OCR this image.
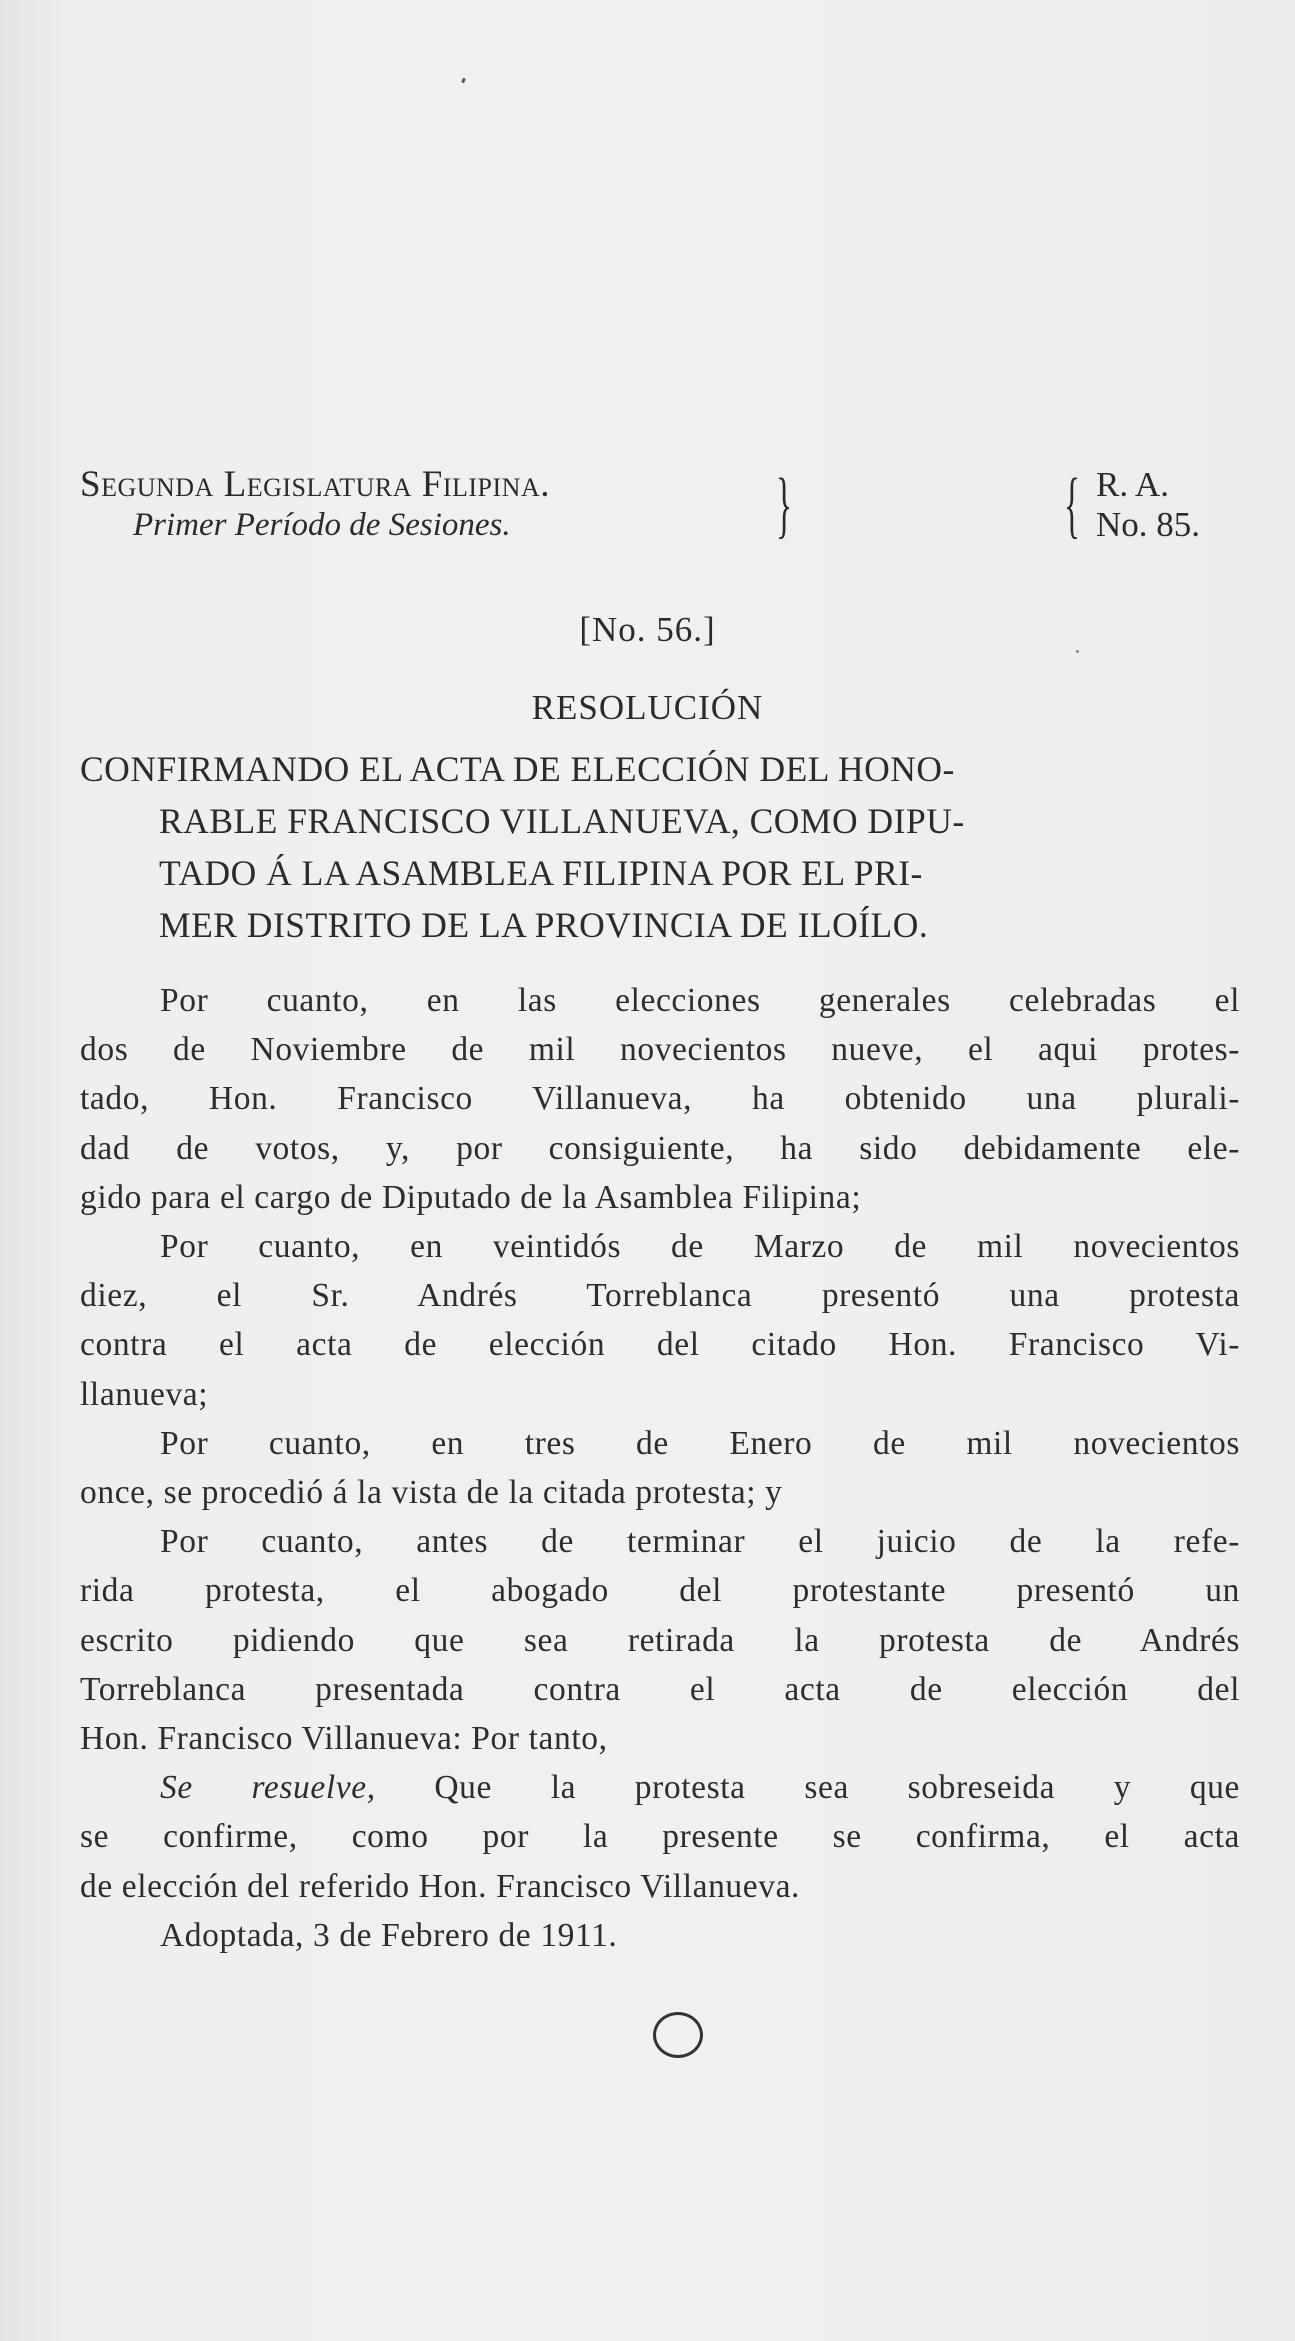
Segunda Legislatura Filipina.
Primer Período de Sesiones.	}	{ R. A.
No. 85.
[No. 56.]
RESOLUCIÓN
CONFIRMANDO EL ACTA DE ELECCIÓN DEL HONO-
RABLE FRANCISCO VILLANUEVA, COMO DIPU-
TADO Á LA ASAMBLEA FILIPINA POR EL PRI-
MER DISTRITO DE LA PROVINCIA DE ILOÍLO.
Por cuanto, en las elecciones generales celebradas el
dos de Noviembre de mil novecientos nueve, el aqui protes-
tado, Hon. Francisco Villanueva, ha obtenido una plurali-
dad de votos, y, por consiguiente, ha sido debidamente ele-
gido para el cargo de Diputado de la Asamblea Filipina;
Por cuanto, en veintidós de Marzo de mil novecientos
diez, el Sr. Andrés Torreblanca presentó una protesta
contra el acta de elección del citado Hon. Francisco Vi-
llanueva;
Por cuanto, en tres de Enero de mil novecientos
once, se procedió á la vista de la citada protesta; y
Por cuanto, antes de terminar el juicio de la refe-
rida protesta, el abogado del protestante presentó un
escrito pidiendo que sea retirada la protesta de Andrés
Torreblanca presentada contra el acta de elección del
Hon. Francisco Villanueva: Por tanto,
Se resuelve, Que la protesta sea sobreseida y que
se confirme, como por la presente se confirma, el acta
de elección del referido Hon. Francisco Villanueva.
Adoptada, 3 de Febrero de 1911.
